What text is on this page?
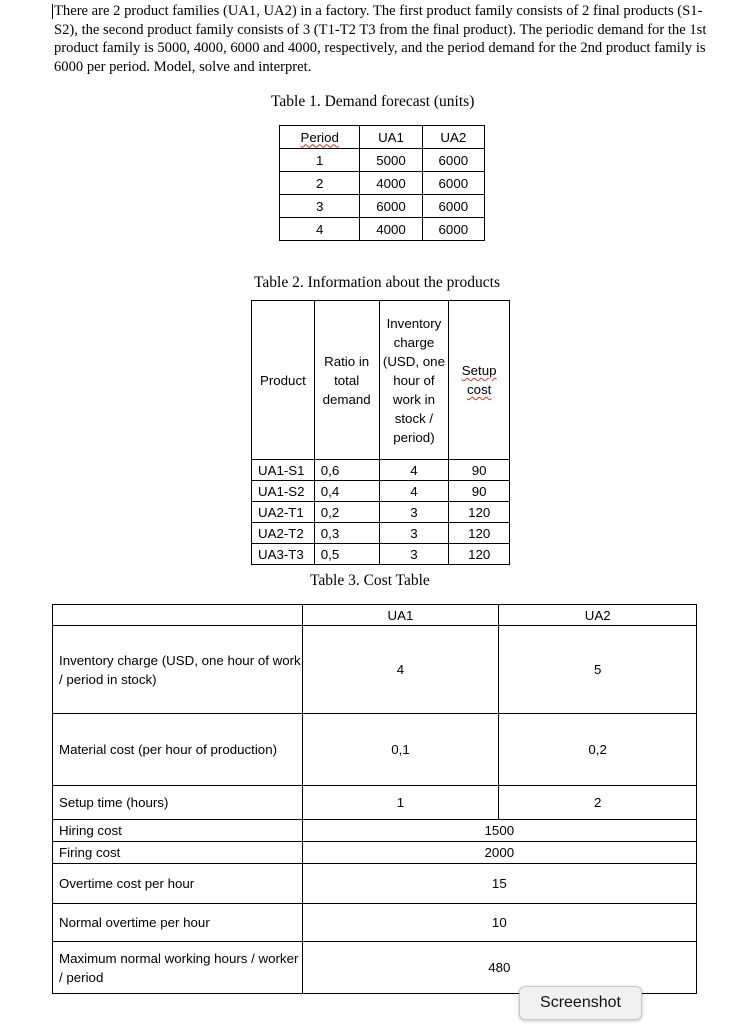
There are 2 product families (UA1, UA2) in a factory. The first product family consists of 2 final products (S1-S2), the second product family consists of 3 (T1-T2 T3 from the final product). The periodic demand for the 1st product family is 5000, 4000, 6000 and 4000, respectively, and the period demand for the 2nd product family is 6000 per period. Model, solve and interpret.
Table 1. Demand forecast (units)
Period	UA1	UA2
1	5000	6000
2	4000	6000
3	6000	6000
4	4000	6000
Table 2. Information about the products
Product	Ratio in total demand	Inventory charge (USD, one hour of work in stock / period)	Setup cost
UA1-S1	0,6	4	90
UA1-S2	0,4	4	90
UA2-T1	0,2	3	120
UA2-T2	0,3	3	120
UA3-T3	0,5	3	120
Table 3. Cost Table
	UA1	UA2
Inventory charge (USD, one hour of work / period in stock)	4	5
Material cost (per hour of production)	0,1	0,2
Setup time (hours)	1	2
Hiring cost	1500	
Firing cost	2000	
Overtime cost per hour	15	
Normal overtime per hour	10	
Maximum normal working hours / worker / period	480	
Screenshot
